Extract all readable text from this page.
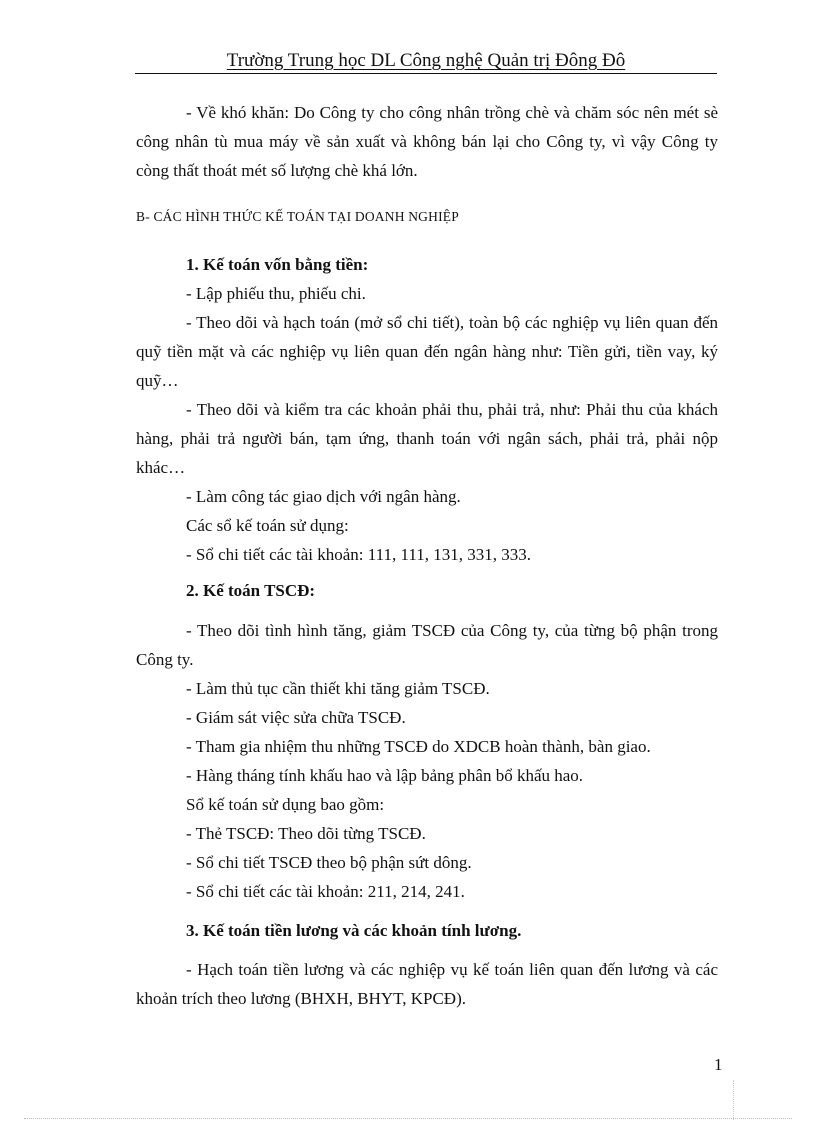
Trường Trung học DL Công nghệ Quản trị Đông Đô

- Về khó khăn: Do Công ty cho công nhân trồng chè và chăm sóc nên mét sè công nhân tù mua máy về sản xuất và không bán lại cho Công ty, vì vậy Công ty còng thất thoát mét số lượng chè khá lớn.

B- CÁC HÌNH THỨC KẾ TOÁN TẠI DOANH NGHIỆP

1. Kế toán vốn bằng tiền:

- Lập phiếu thu, phiếu chi.

- Theo dõi và hạch toán (mở sổ chi tiết), toàn bộ các nghiệp vụ liên quan đến quỹ tiền mặt và các nghiệp vụ liên quan đến ngân hàng như: Tiền gửi, tiền vay, ký quỹ…

- Theo dõi và kiểm tra các khoản phải thu, phải trả, như: Phải thu của khách hàng, phải trả người bán, tạm ứng, thanh toán với ngân sách, phải trả, phải nộp khác…

- Làm công tác giao dịch với ngân hàng.

Các sổ kế toán sử dụng:

- Sổ chi tiết các tài khoản: 111, 111, 131, 331, 333.

2. Kế toán TSCĐ:

- Theo dõi tình hình tăng, giảm TSCĐ của Công ty, của từng bộ phận trong Công ty.

- Làm thủ tục cần thiết khi tăng giảm TSCĐ.

- Giám sát việc sửa chữa TSCĐ.

- Tham gia nhiệm thu những TSCĐ do XDCB hoàn thành, bàn giao.

- Hàng tháng tính khấu hao và lập bảng phân bổ khấu hao.

Sổ kế toán sử dụng bao gồm:

- Thẻ TSCĐ: Theo dõi từng TSCĐ.

- Sổ chi tiết TSCĐ theo bộ phận sứt dông.

- Sổ chi tiết các tài khoản: 211, 214, 241.

3. Kế toán tiền lương và các khoản tính lương.

- Hạch toán tiền lương và các nghiệp vụ kế toán liên quan đến lương và các khoản trích theo lương (BHXH, BHYT, KPCĐ).

1
